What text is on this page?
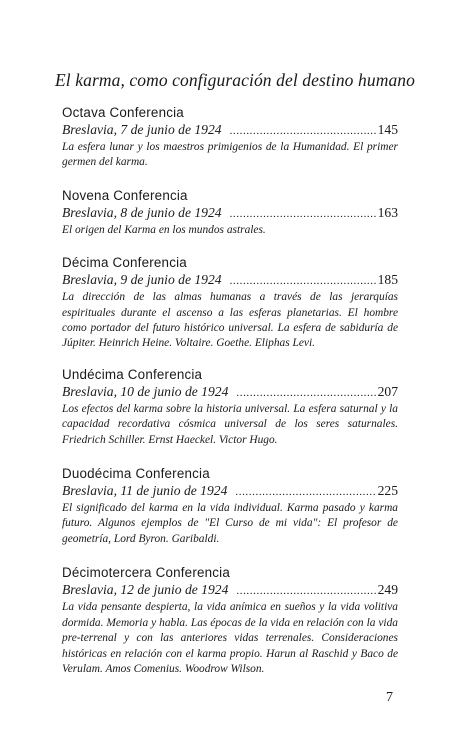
El karma, como configuración del destino humano
Octava Conferencia
Breslavia, 7 de junio de 1924 .....	145
La esfera lunar y los maestros primigenios de la Humanidad. El primer germen del karma.
Novena Conferencia
Breslavia, 8 de junio de 1924 .....	163
El origen del Karma en los mundos astrales.
Décima Conferencia
Breslavia, 9 de junio de 1924 .....	185
La dirección de las almas humanas a través de las jerarquías espirituales durante el ascenso a las esferas planetarias. El hombre como portador del futuro histórico universal. La esfera de sabiduría de Júpiter. Heinrich Heine. Voltaire. Goethe. Eliphas Levi.
Undécima Conferencia
Breslavia, 10 de junio de 1924 .....	207
Los efectos del karma sobre la historia universal. La esfera saturnal y la capacidad recordativa cósmica universal de los seres saturnales. Friedrich Schiller. Ernst Haeckel. Victor Hugo.
Duodécima Conferencia
Breslavia, 11 de junio de 1924 .....	225
El significado del karma en la vida individual. Karma pasado y karma futuro. Algunos ejemplos de "El Curso de mi vida": El profesor de geometría, Lord Byron. Garibaldi.
Décimotercera Conferencia
Breslavia, 12 de junio de 1924 .....	249
La vida pensante despierta, la vida anímica en sueños y la vida volitiva dormida. Memoria y habla. Las épocas de la vida en relación con la vida pre-terrenal y con las anteriores vidas terrenales. Consideraciones históricas en relación con el karma propio. Harun al Raschid y Baco de Verulam. Amos Comenius. Woodrow Wilson.
7
